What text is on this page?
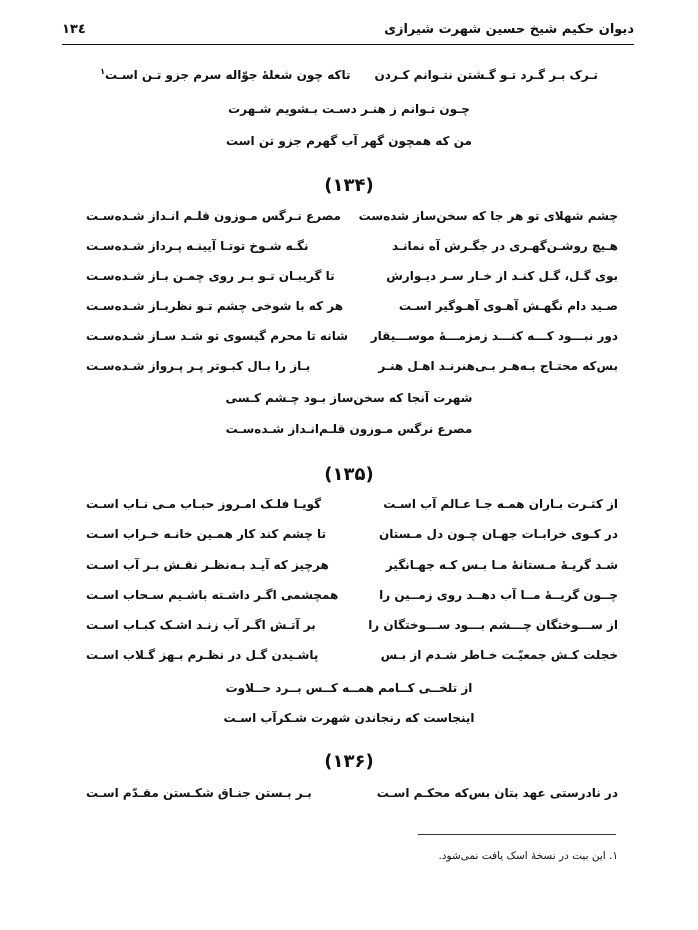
دیوان حکیم شیخ حسین شهرت شیرازی
١٣٤
تـرک بـر گـرد تـو گـشتن نتـوانم کـردنتاکه چون شعلهٔ جوّاله سرم جزو تـن اسـت$^١$
چـون تـوانم ز هنـر دسـت بـشویم شـهرت
من که همچون گهر آب گهرم جزو تن است
(١٣۴)
چشم شهلای تو هر جا که سخن‌ساز شده‌ست
مصرع نـرگس مـوزون قلـم انـداز شـده‌سـت
هـیچ روشـن‌گهـری در جگـرش آه نمانـد
نگـه شـوخ توتـا آیینـه پـرداز شـده‌سـت
بوی گـل، گـل کنـد از خـار سـر دیـوارش
تا گریبـان تـو بـر روی چمـن بـاز شـده‌سـت
صـید دام نگهـش آهـوی آهـوگیر اسـت
هر که با شوخی چشم تـو نظربـاز شـده‌سـت
دور نبـــود کـــه کنـــد زمزمـــهٔ موســـیقار
شانه تا محرم گیسوی تو شـد سـاز شـده‌سـت
بس‌که محتـاج بـه‌هـر بـی‌هنرنـد اهـل هنـر
بـاز را بـال کبـوتر پـر پـرواز شـده‌سـت
شهرت آنجا که سخن‌ساز بـود چـشم کـسی
مصرع نرگس مـوزون قلـم‌انـداز شـده‌سـت
(١٣۵)
از کثـرت بـاران همـه جـا عـالم آب اسـت
گویـا فلـک امـروز حبـاب مـی نـاب اسـت
در کـوی خرابـات جهـان چـون دل مـستان
تا چشم کند کار همـین خانـه خـراب اسـت
شـد گریـهٔ مـستانهٔ مـا بـس کـه جهـانگیر
هرچیز که آیـد بـه‌نظـر نقـش بـر آب اسـت
چــون گریــهٔ مــا آب دهــد روی زمــین را
همچشمی اگـر داشـته باشـیم سـحاب اسـت
از ســـوختگان چـــشم بـــود ســـوختگان را
بر آتـش اگـر آب زنـد اشـک کبـاب اسـت
خجلت کـش جمعیّـت خـاطر شـدم از بـس
پاشـیدن گـل در نظـرم بـهز گـلاب اسـت
از تلخــی کــامم همــه کــس بــرد حــلاوت
اینجاست که رنجاندن شهرت شـکرآب اسـت
(١٣۶)
در نادرستی عهد بتان بس‌که محکـم اسـت
بـر بـستن جنـاق شکـستن مقـدّم اسـت
١. این بیت در نسخهٔ اسک یافت نمی‌شود.
